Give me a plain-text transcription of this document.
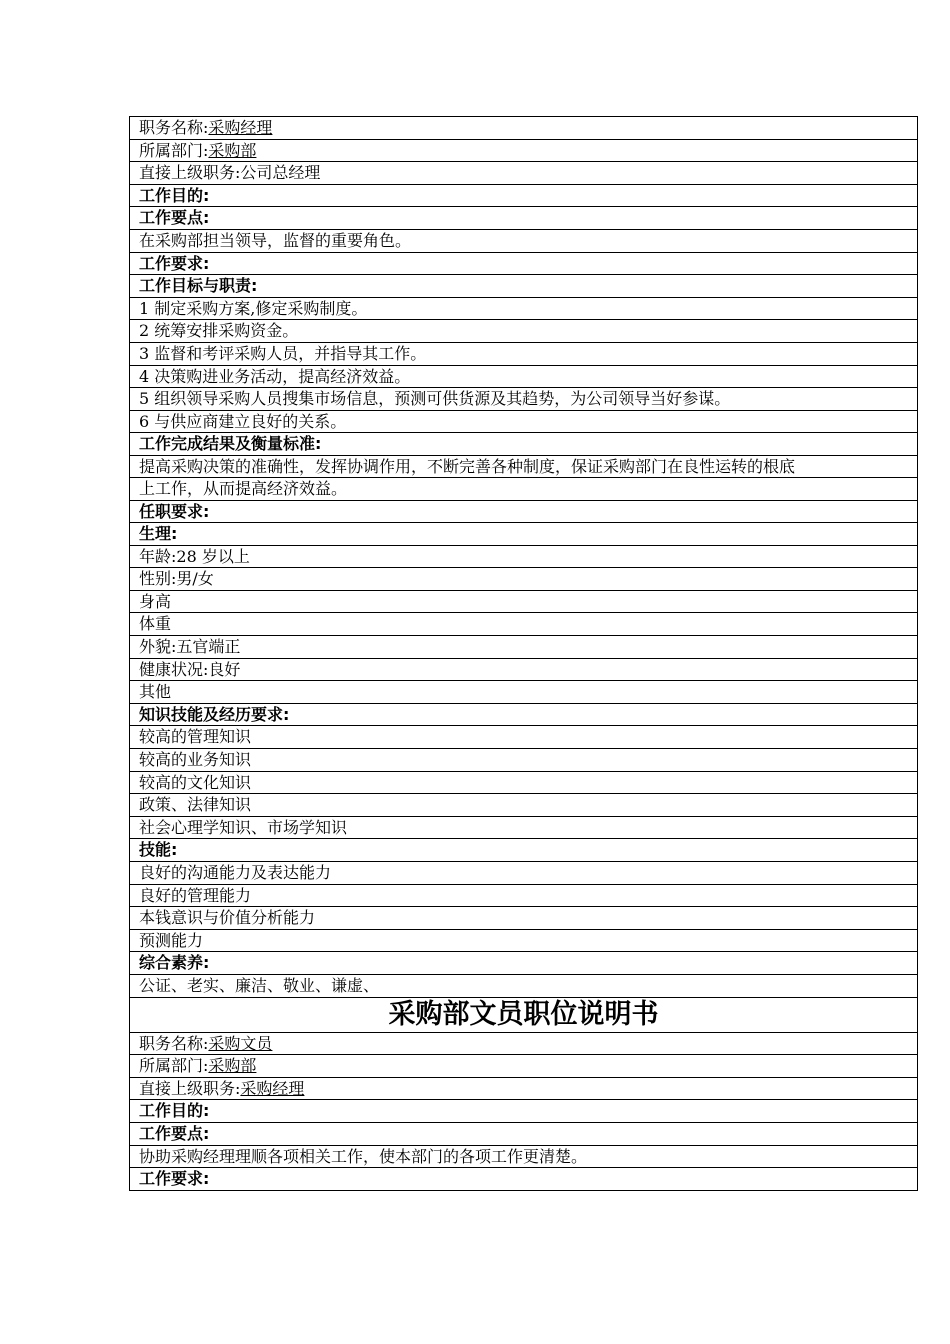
职务名称:采购经理
所属部门:采购部
直接上级职务:公司总经理
工作目的:
工作要点:
在采购部担当领导，监督的重要角色。
工作要求:
工作目标与职责:
1 制定采购方案,修定采购制度。
2 统筹安排采购资金。
3 监督和考评采购人员，并指导其工作。
4 决策购进业务活动，提高经济效益。
5 组织领导采购人员搜集市场信息，预测可供货源及其趋势，为公司领导当好参谋。
6 与供应商建立良好的关系。
工作完成结果及衡量标准:
提高采购决策的准确性，发挥协调作用，不断完善各种制度，保证采购部门在良性运转的根底
上工作，从而提高经济效益。
任职要求:
生理:
年龄:28 岁以上
性别:男/女
身高
体重
外貌:五官端正
健康状况:良好
其他
知识技能及经历要求:
较高的管理知识
较高的业务知识
较高的文化知识
政策、法律知识
社会心理学知识、市场学知识
技能:
良好的沟通能力及表达能力
良好的管理能力
本钱意识与价值分析能力
预测能力
综合素养:
公证、老实、廉洁、敬业、谦虚、
采购部文员职位说明书
职务名称:采购文员
所属部门:采购部
直接上级职务:采购经理
工作目的:
工作要点:
协助采购经理理顺各项相关工作，使本部门的各项工作更清楚。
工作要求:
